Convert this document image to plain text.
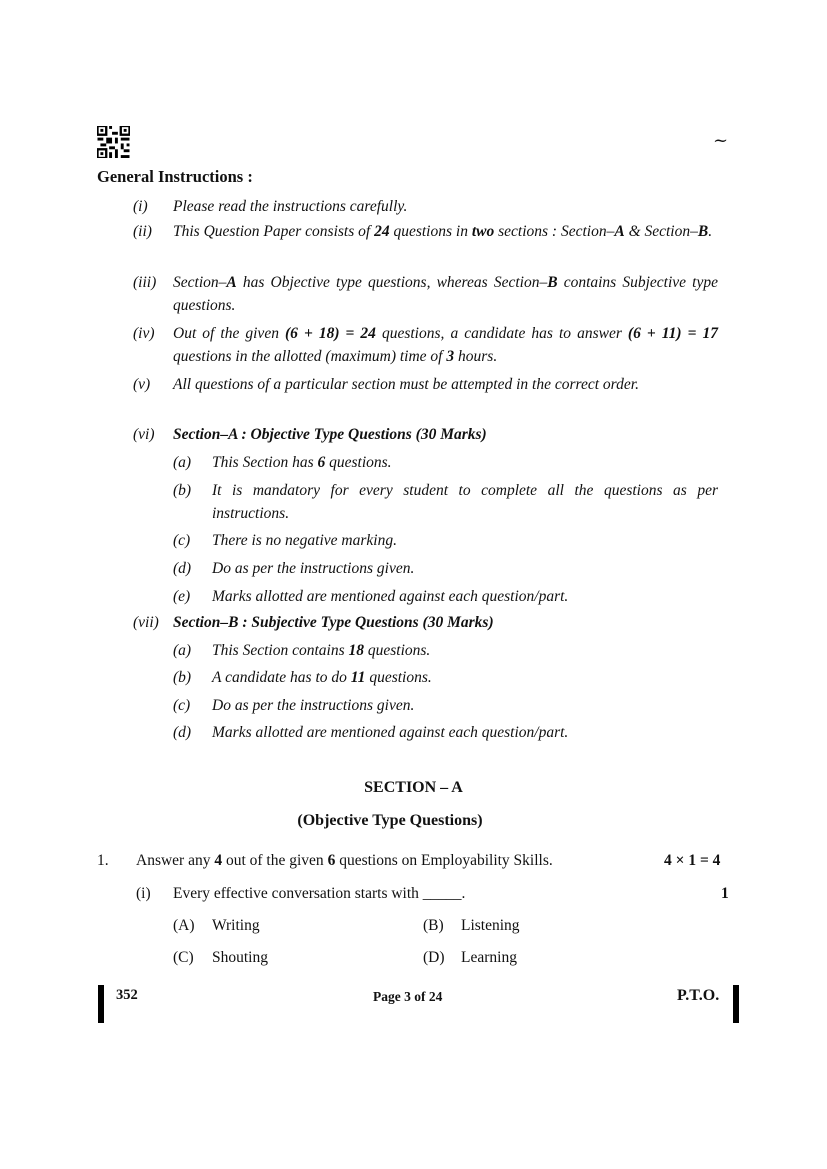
~
General Instructions :
(i) Please read the instructions carefully.
(ii) This Question Paper consists of 24 questions in two sections : Section–A & Section–B.
(iii) Section–A has Objective type questions, whereas Section–B contains Subjective type questions.
(iv) Out of the given (6 + 18) = 24 questions, a candidate has to answer (6 + 11) = 17 questions in the allotted (maximum) time of 3 hours.
(v) All questions of a particular section must be attempted in the correct order.
(vi) Section–A : Objective Type Questions (30 Marks)
(a) This Section has 6 questions.
(b) It is mandatory for every student to complete all the questions as per instructions.
(c) There is no negative marking.
(d) Do as per the instructions given.
(e) Marks allotted are mentioned against each question/part.
(vii) Section–B : Subjective Type Questions (30 Marks)
(a) This Section contains 18 questions.
(b) A candidate has to do 11 questions.
(c) Do as per the instructions given.
(d) Marks allotted are mentioned against each question/part.
SECTION – A
(Objective Type Questions)
1. Answer any 4 out of the given 6 questions on Employability Skills.	4 × 1 = 4
(i) Every effective conversation starts with _____.	1
(A) Writing	(B) Listening
(C) Shouting	(D) Learning
352	Page 3 of 24	P.T.O.
